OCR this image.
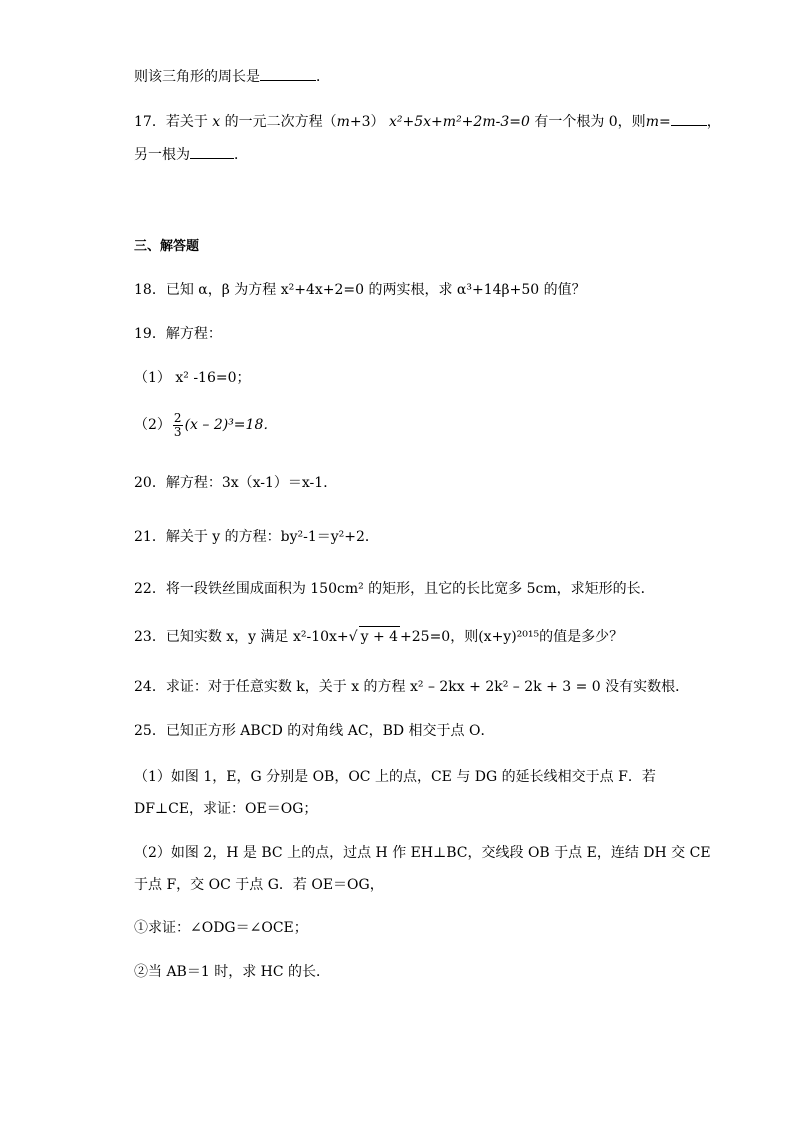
则该三角形的周长是	．
17．若关于 x 的一元二次方程（m+3） x²+5x+m²+2m-3=0 有一个根为 0，则m=	，
另一根为	．
三、解答题
18．已知 α，β 为方程 x²+4x+2=0 的两实根，求 α³+14β+50 的值？
19．解方程：
（1） x² -16=0；
$(2) \frac{2}{3} (x - 2)^3=18$．
20．解方程：3x（x-1）＝x-1．
21．解关于 y 的方程：by²-1＝y²+2．
22．将一段铁丝围成面积为 150cm² 的矩形，且它的长比宽多 5cm，求矩形的长．
23．已知实数 x，y 满足 x²-10x+√ y + 4 +25=0，则(x+y)²⁰¹⁵的值是多少？
24．求证：对于任意实数 k，关于 x 的方程 x² – 2kx + 2k² – 2k + 3 = 0 没有实数根．
25．已知正方形 ABCD 的对角线 AC，BD 相交于点 O．
（1）如图 1，E，G 分别是 OB，OC 上的点，CE 与 DG 的延长线相交于点 F．若
DF⊥CE，求证：OE＝OG；
（2）如图 2，H 是 BC 上的点，过点 H 作 EH⊥BC，交线段 OB 于点 E，连结 DH 交 CE
于点 F，交 OC 于点 G．若 OE＝OG，
①求证：∠ODG＝∠OCE；
②当 AB＝1 时，求 HC 的长．
